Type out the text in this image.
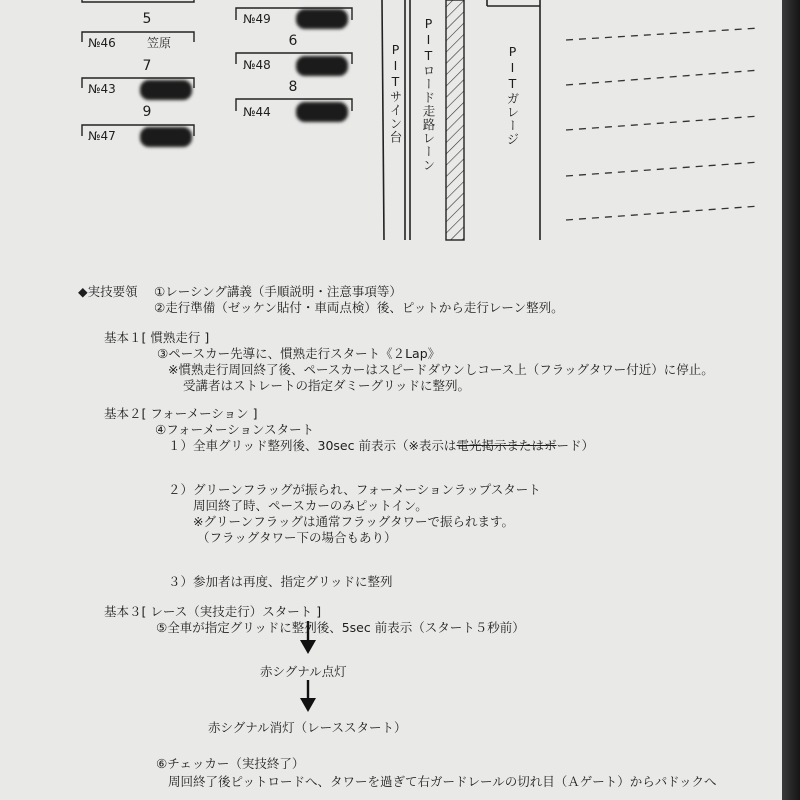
5
№46	笠原
7
№43
9
№47
№49
6
№48
8
№44	PITサイン台 PITロード走路レーン	PITガレージ
◆実技要領 ①レーシング講義（手順説明・注意事項等）
②走行準備（ゼッケン貼付・車両点検）後、ピットから走行レーン整列。
基本１[ 慣熟走行 ]
③ペースカー先導に、慣熟走行スタート《２Lap》
※慣熟走行周回終了後、ペースカーはスピードダウンしコース上（フラッグタワー付近）に停止。
受講者はストレートの指定ダミーグリッドに整列。
基本２[ フォーメーション ]
④フォーメーションスタート
１）全車グリッド整列後、30sec 前表示（※表示は電光掲示またはボード）
２）グリーンフラッグが振られ、フォーメーションラップスタート
周回終了時、ペースカーのみピットイン。
※グリーンフラッグは通常フラッグタワーで振られます。
（フラッグタワー下の場合もあり）
３）参加者は再度、指定グリッドに整列
基本３[ レース（実技走行）スタート ]
⑤全車が指定グリッドに整列後、5sec 前表示（スタート５秒前）
赤シグナル点灯
赤シグナル消灯（レーススタート）
⑥チェッカー（実技終了）
周回終了後ピットロードへ、タワーを過ぎて右ガードレールの切れ目（Ａゲート）からパドックへ
